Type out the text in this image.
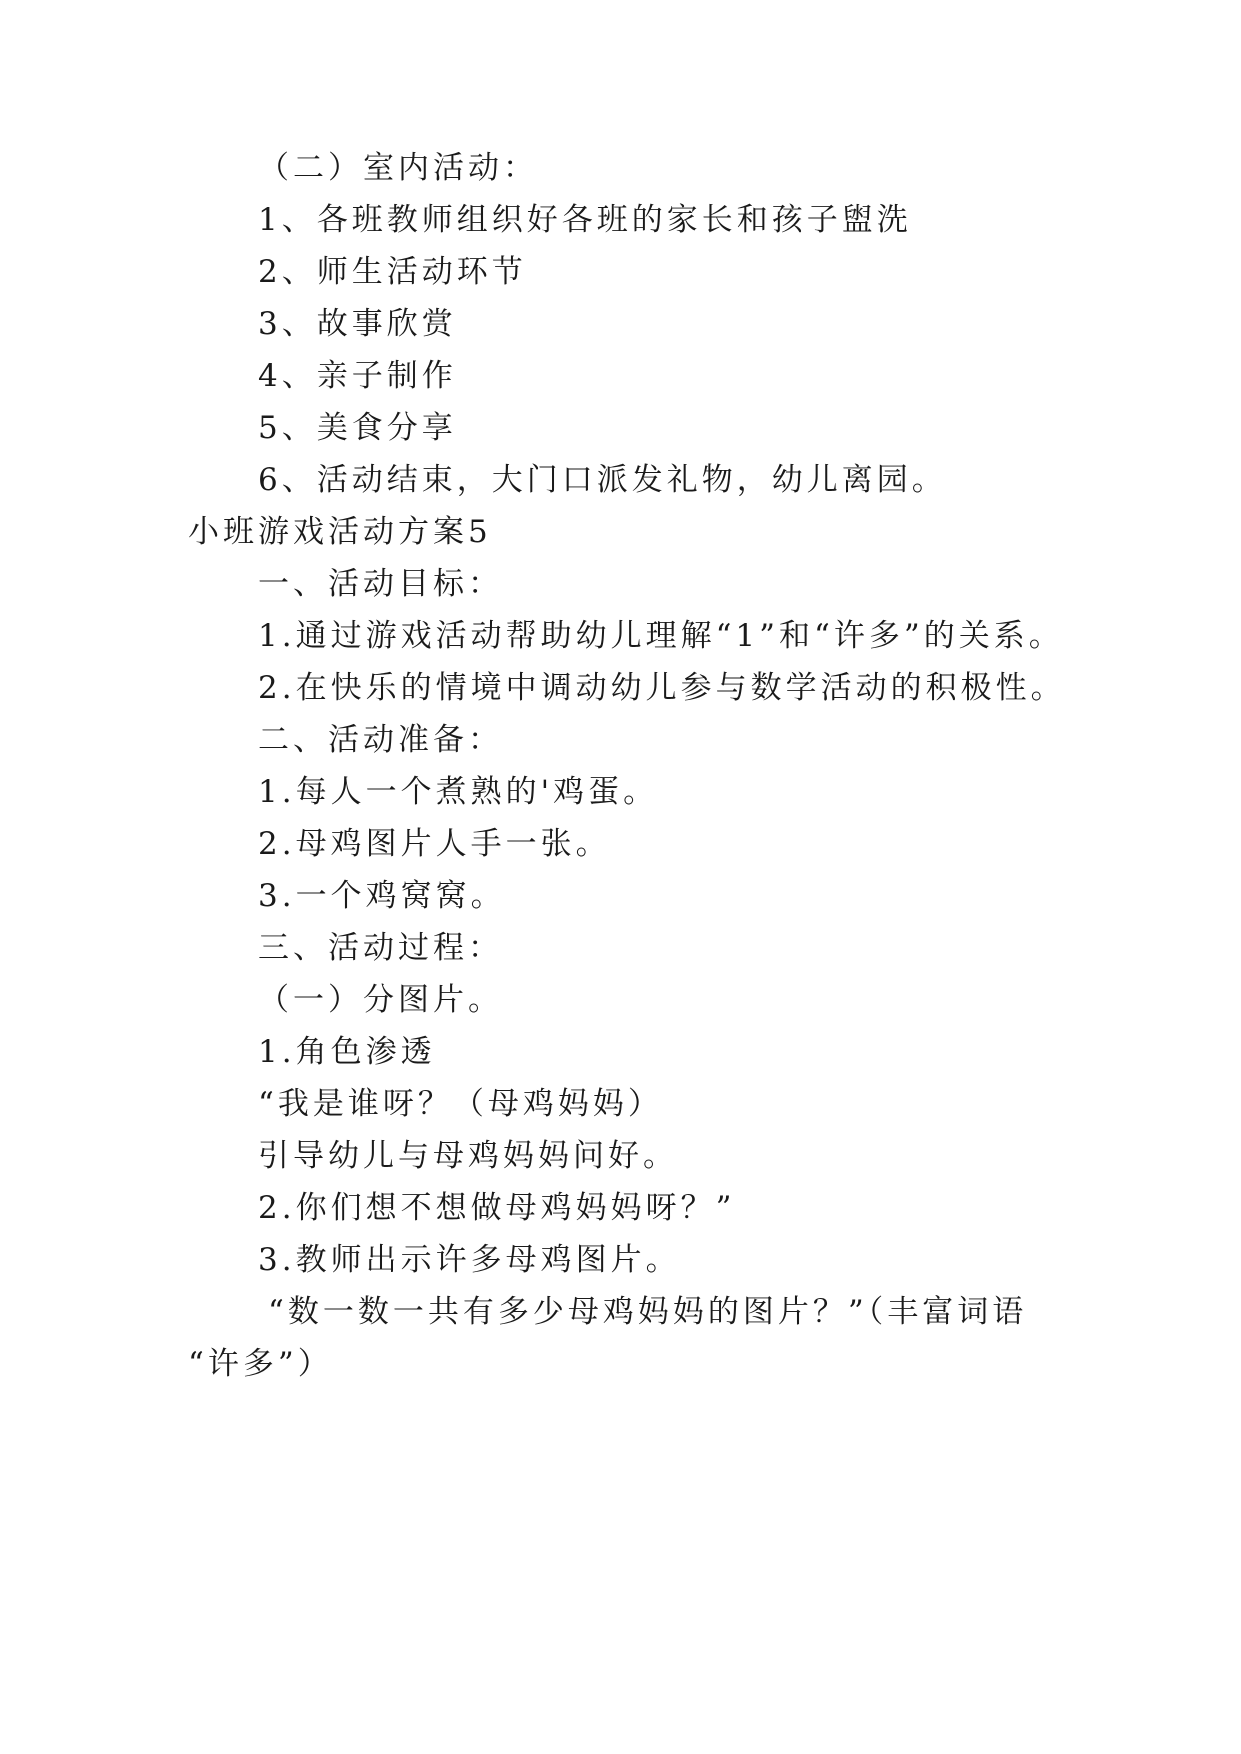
（二）室内活动：
1、各班教师组织好各班的家长和孩子盥洗
2、师生活动环节
3、故事欣赏
4、亲子制作
5、美食分享
6、活动结束，大门口派发礼物，幼儿离园。
小班游戏活动方案5
一、活动目标：
1.通过游戏活动帮助幼儿理解“1”和“许多”的关系。
2.在快乐的情境中调动幼儿参与数学活动的积极性。
二、活动准备：
1.每人一个煮熟的'鸡蛋。
2.母鸡图片人手一张。
3.一个鸡窝窝。
三、活动过程：
（一）分图片。
1.角色渗透
“我是谁呀？（母鸡妈妈）
引导幼儿与母鸡妈妈问好。
2.你们想不想做母鸡妈妈呀？”
3.教师出示许多母鸡图片。
“数一数一共有多少母鸡妈妈的图片？”（丰富词语
“许多”）
